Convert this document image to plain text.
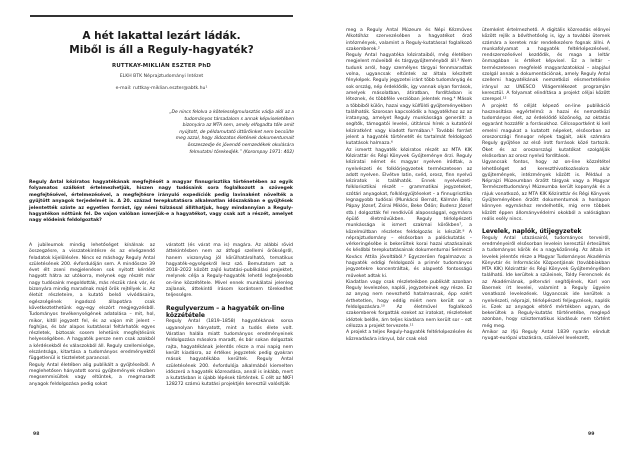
A hét lakattal lezárt ládák.
Miből is áll a Reguly-hagyaték?
RUTTKAY-MIKLIÁN ESZTER PhD
ELKH BTK Néprajztudományi Intézet
e-mail: ruttkay-miklian.eszter@abtk.hu¹
„De nincs felolva a kötelességmulasztás vádja alól az a tudományos társadalom s annak képviseletében bizonyára az MTA sem, amely elfogadta tőle amit nyújtott, de példamutató úttörőinket nem becsülte meg azzal, hogy áldozatos életének dokumentumait összeszedje és jövendő nemzedékek okulására felmutatni törekedjék.” (Korompay 1971: 402)
Reguly Antal kéziratos hagyatékának megfejtését a magyar finnugrisztika történetében az egyik folyamatos szálként értelmezhetjük, hiszen nagy tudósaink sora foglalkozott a szövegek megfejtésével, értelmezésével, a megfejtésre irányuló expedíciók pedig lavinaként növelték a gyűjtött anyagok terjedelmét is. A 20. század terepkutatásra alkalmatlan időszakában e gyűjtések jelentették szinte az egyetlen forrást, így némi túlzással állíthatjuk, hogy mindannyian a Reguly-hagyatékon nőttünk fel. De vajon valóban ismerjük-e a hagyatékot, vagy csak azt a részét, amelyet nagy elődeink feldolgoztak?

A jubileumok mindig lehetőséget kínálnak az összegzésre, a visszatekintésre és az elvégzendő feladatok kijelölésére. Nincs ez máshogy Reguly Antal születésének 200. évfordulóján sem. A mindössze 39 évet élt zseni megjelenésen sok nyitott kérdést hagyott hátra az utókorra, melynek egy részét már nagy tudósaink megoldották, más részük ránk vár, és bizonyára mindig maradnak majd örök rejtélyek is. Az életút részleteire, a kutató belső vívódásaira, egészségének ingadozó állapotára csak következtethetünk egy-egy elszórt megjegyzésből. Tudományos tevékenységének adatolása – mit, hol, mikor, kitől jegyzett fel, és az vajon mit jelent – foghíjas, és bár alapos kutatással feltárhatók egyes részletek, biztosak sosem lehetünk megfejtésünk helyességében. A hagyaték persze nem csak azokból a kérdésekből és válaszokból áll. Reguly szellemisége, elszántsága, kitartása a tudományos eredményektől függetlenül is tiszteletet parancsol.

Reguly Antal életében alig publikált a gyűjtéseiből. A meglehetősen hányatott sorsú gyűjtemények részben megsemmisültek vagy eltűntek, a megmaradt anyagok feldolgozása pedig sokat

váratott (és várat ma is) magára. Az alábbi rövid áttekintésben nem az átfogó szellemi örökségről, hanem viszonylag jól körülhatárolható, tematikus hagyaték-egységekről lesz szó. Bemutatom azt a 2018–2022 között zajló kutatási-publikálási projektet, melynek célja a Reguly-hagyaték lehető legteljesebb on-line közzététele. Mivel ennek munkálatai jelenleg zajlanak, áttekintő írásom korántsem törekedhet teljességre.

Regulyverzum – a hagyaték on-line közzététele

Reguly Antal (1819–1858) hagyatékának sorsa ugyanolyan hányatott, mint a tudós élete volt. Váratlan halála miatt tudományos eredményeinek feldolgozása másokra maradt, és bár sokan dolgoztak rajta, hagyatékának jelentős része a mai napig nem került kiadásra, az értékes jegyzetek pedig gyakran mások hagyatékába kerültek. Reguly Antal születésének 200. évfordulója alkalmából kiemelten időszerű a hagyaték közreadása, annál is inkább, mert a kutatásban is újabb lépések történtek. E célt az NKFI 128272 számú kutatási projektjén keresztül valósítják

98

meg a Reguly Antal Múzeum és Népi Kézműves Alkotóház szervezésében a hagyatékot őrző intézmények, valamint a Reguly-kutatással foglalkozó szakemberek.²

Reguly Antal hagyatéka kézirataiból, még életében megjelent műveiből és tárgygyűjteményből áll.³ Nem tudunk arról, hogy személyes tárgyai fennmaradtak volna, ugyancsak eltűntek az általa készített fényképek. Reguly jegyzetei iránt több tudományág és sok ország, nép érdeklődik, így vannak olyan források, amelyek másolatban, átiratban, fordításban is léteznek, és többféle verzióban jelentek meg.⁴ Mások a többiből külön, hazai vagy külföldi gyűjteményekben találhatók. Szorosan kapcsolódik a hagyatékhoz az az iratanyag, amelyet Reguly munkássága generált: a segítők, támogatói levelei, útitársai hírek a kutatóról kéziratként vagy kiadott formában.⁵ További forrást jelent a hagyaték történetét és tartalmát feldolgozó kutatások halmaza.⁶

Az ismertt hagyaték kéziratos részét az MTA KIK Kézirattár és Régi Könyvek Gyűjteménye őrzi. Reguly kéziratai német és magyar nyelven íródtak, a nyelvészeti és folklórjegyzetek természetesen az adott nyelven. Elvétve latin, svéd, orosz, finn nyelvű kéziratok is találhatók. Ennek nyelvészeti-folklorisztikai részét – grammatikai jegyzeteket, szótári anyagokat, folklórgyűjtéseket – a finnugrisztika legnagyobb tudósai (Munkácsi Bernát, Kálmán Béla; Pápay József, Zsirai Miklós, Beke Ödön; Budenz József stb.) dolgozták fel rendkívüli alapossággal, egymásra épülő életművükben. Reguly térképészeti munkássága is ismert szakmai körökben⁷, a közelmúltban részletes feldolgozás is készült.⁸ A néprajztudomány – elsősorban a palóckutatás – vérkeringésébe is bekerültek korai hazai utazásainak és későbbi terepkutatásainak dokumentumai Selmeczi Kovács Attila jóvoltából.⁹ Egyszerűen fogalmazva: a hagyaték eddigi feldolgozói a primér tudományos jegyzetekre koncentráltak, és alapvető fontosságú műveket adtak ki.

Kiadatlan vagy csak részleteikben publikált azonban Reguly levelezése, naplói, jegyzeteinek egy része. Ez az anyag nem nevezhető hatalmasnak, épp ezért érthetetlen, hogy eddig miért nem került sor a feldolgozására.¹⁰ Az életművel foglalkozó szakemberek forgatták ezeket az iratokat, részleteket idéztek belőle, ám teljes kiadásra nem került sor – ezt célozza a projekt tervezete.¹¹

A projekt a teljes Reguly-hagyaték feltérképezésére és közreadására irányul, bár csak első

ütemként értelmezhető. A digitális közreadás előnyei között rejlik a bővíthetőség is, így a további ütemek számára a keretek már rendelkezésre fognak állni. A munkafolyamat a hagyaték feltérképezésével, rendszerezésével kezdődik, és maga a leltár önmagában is értéket képvisel. Ez a leltár – természetesen megfelelő magyarázatokkal – alapjául szolgál annak a dokumentációnak, amely Reguly Antal szellemi hagyatékának nemzetközi elismertetésére irányul az UNESCO Világemlékezet programján keresztül. A folyamat elindítása a projekt céljai között szerepel.¹²

A projekt fő célját képező on-line publikáció hasznosítása egyértelmű: a hazai és nemzetközi tudományos élet, az érdeklődő közönség, az oktatás egyaránt hozzáfér a forrásokhoz. Célcsoportként ki kell emelni magukat a kutatott népeket, elsősorban az oroszországi finnugor népek tagjait, akik számára Reguly gyűjtése az első írott források közé tartozik. Őket és az oroszországi kutatókat szolgálják elsősorban az orosz nyelvű fordítások.

Ugyancsak fontos, hogy az on-line közzététel lehetőséget ad kereszthivatkozásokra akár gyűjtemények, intézmények között is. Például a Néprajzi Múzeumban őrzött tárgyak vagy a Magyar Természettudományi Múzeumba került koponyák és a rájuk vonatkozó, az MTA KIK Kézirattár és Régi Könyvek Gyűjteményében őrzött dokumentumok a honlapon könnyen egymáshoz rendelhetők, míg erre többek között éppen állományvédelmi okokból a valóságban reális esély nincs.

Levelek, naplók, útijegyzetek

Reguly Antal utazásairól, tudományos terveiről, eredményeiről elsősorban levelein keresztül értesültek a tudományos körök és a nagyközönség. Az általa írt levelek jelentős része a Magyar Tudományos Akadémia Könyvtár és Információs Központjának (továbbiakban MTA KIK) Kézirattár és Régi Könyvek Gyűjteményében található. Ide kerültek a szüleinek, Toldy Ferencnek és az Akadémiának, pétervári segítőjének, Karl von Baernek írt levelei, valamint a Reguly ügyeire vonatkozó levelezések. Ugyancsak ide kerültek a nyelvészeti, néprajzi, térképészeti feljegyzések, naplók is. Ezek az anyagok eltérő mértékben ugyan, de bekerültek a Reguly-kutatás történetébe, meglepő azonban, hogy szisztematikus kiadásuk nem történt még meg.

Amikor az ifjú Reguly Antal 1839 nyarán elindult nyugat-európai utazására, szüleivel levelezett,

99
